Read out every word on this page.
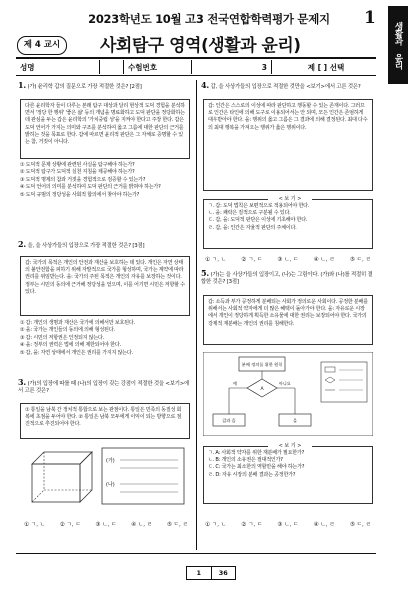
2023학년도 10월 고3 전국연합학력평가 문제지 1
생활과 윤리
제 4 교시	사회탐구 영역(생활과 윤리)
성명	수험번호	3	제 [ ] 선택
1. (가) 윤리학 갑의 질문으로 가장 적절한 것은? [2점]
다른 윤리학자 들이 다루는 본래 탐구 대상과 달리 현상적 도덕 경험을 분석하면서 '정당 한 행위' '좋은 삶' 등의 개념을 명료화하고 도덕 판단을 정당화하는 데 관심을 두는 갑은 윤리학의 '가치중립 성'을 지켜야 한다고 주장 한다. 갑은 도덕 언어가 가지는 의미와 구조를 분석하여 옳고 그름에 대한 판단의 근거를 밝히는 것을 목표로 한다. 갑에 따르면 윤리적 판단은 그 자체로 증명할 수 있는 참, 거짓이 아니다.
① 도덕적 문제 상황에 관련된 사실을 탐구해야 하는가?
② 도덕적 탐구가 도덕적 실천 지침을 제공해야 하는가?
③ 도덕적 명제의 참과 거짓을 경험적으로 검증할 수 있는가?
④ 도덕 언어의 의미를 분석하여 도덕 판단의 근거를 밝혀야 하는가?
⑤ 도덕 규범의 정당성을 사회적 합의에서 찾아야 하는가?
2. 을, 을 사상가들의 입장으로 가장 적절한 것은? [3점]
갑: 국가의 목적은 개인의 안전과 재산을 보호하는 데 있다. 개인은 자연 상태의 불안전함을 피하기 위해 자발적으로 국가를 형성하며, 국가는 계약에 따라 권리를 위임받는다. 을: 국가의 주된 목적은 개인의 자유를 보장하는 것이다. 정부는 시민의 동의에 근거해 정당성을 얻으며, 이를 어기면 시민은 저항할 수 있다.
① 갑: 개인의 생명과 재산은 국가에 의해서만 보호된다.
② 을: 국가는 개인들의 동의에 의해 형성된다.
③ 갑: 시민의 저항권은 인정되지 않는다.
④ 을: 정부의 권력은 법에 의해 제한되어야 한다.
⑤ 갑, 을: 자연 상태에서 개인은 권리를 가지지 않는다.
3. (가)의 입장에 따를 때 (나)의 입장이 갖는 강점이 적절한 것을 <보기>에서 고른 것은?
① 통일을 남북 간 정치적 통합으로 보는 관점이다. 통일은 민족의 동질성 회복에 초점을 두어야 한다. ② 통일은 남북 모두에게 이익이 되는 방향으로 점진적으로 추진되어야 한다.
(가)
(나)
① ㄱ, ㄴ	② ㄱ, ㄷ	③ ㄴ, ㄷ	④ ㄴ, ㄹ	⑤ ㄷ, ㄹ
4. 갑, 을 사상가들의 입장으로 적절한 것만을 <보기>에서 고른 것은?
갑: 인간은 스스로의 이성에 따라 판단하고 행동할 수 있는 존재이다. 그러므로 인간은 타인에 의해 도구로 이용되어서는 안 되며, 모든 인간은 존엄하게 대우받아야 한다. 을: 행위의 옳고 그름은 그 결과에 의해 결정된다. 최대 다수의 최대 행복을 가져오는 행위가 옳은 행위이다.
ㄱ. 갑: 도덕 법칙은 보편적으로 적용되어야 한다.
ㄴ. 을: 쾌락은 질적으로 구분될 수 있다.
ㄷ. 갑, 을: 도덕적 판단은 이성에 기초해야 한다.
ㄹ. 갑, 을: 인간은 자율적 판단의 주체이다.
< 보 기 >
① ㄱ, ㄴ	② ㄱ, ㄷ	③ ㄴ, ㄷ	④ ㄴ, ㄹ	⑤ ㄷ, ㄹ
5. (가)는 을 사상가들의 입장이고, (나)는 그림이다. (가)와 (나)를 적절히 결합한 것은? [3점]
갑: 소득과 부가 공정하게 분배되는 사회가 정의로운 사회이다. 공정한 분배를 위해서는 사회적 약자에게 더 많은 혜택이 돌아가야 한다. 을: 자유로운 시장에서 개인이 정당하게 획득한 소유물에 대한 권리는 보장되어야 한다. 국가의 강제적 재분배는 개인의 권리를 침해한다.
분배 정의를 위한 원칙
A
예	아니요
갑과 을	을
ㄱ. A: 사회적 약자를 위한 재분배가 필요한가?
ㄴ. B: 개인의 소유권은 절대적인가?
ㄷ. C: 국가는 최소한의 역할만을 해야 하는가?
ㄹ. D: 자유 시장의 분배 결과는 공정한가?
< 보 기 >
① ㄱ, ㄴ	② ㄱ, ㄷ	③ ㄴ, ㄷ	④ ㄴ, ㄹ	⑤ ㄷ, ㄹ
1	36
